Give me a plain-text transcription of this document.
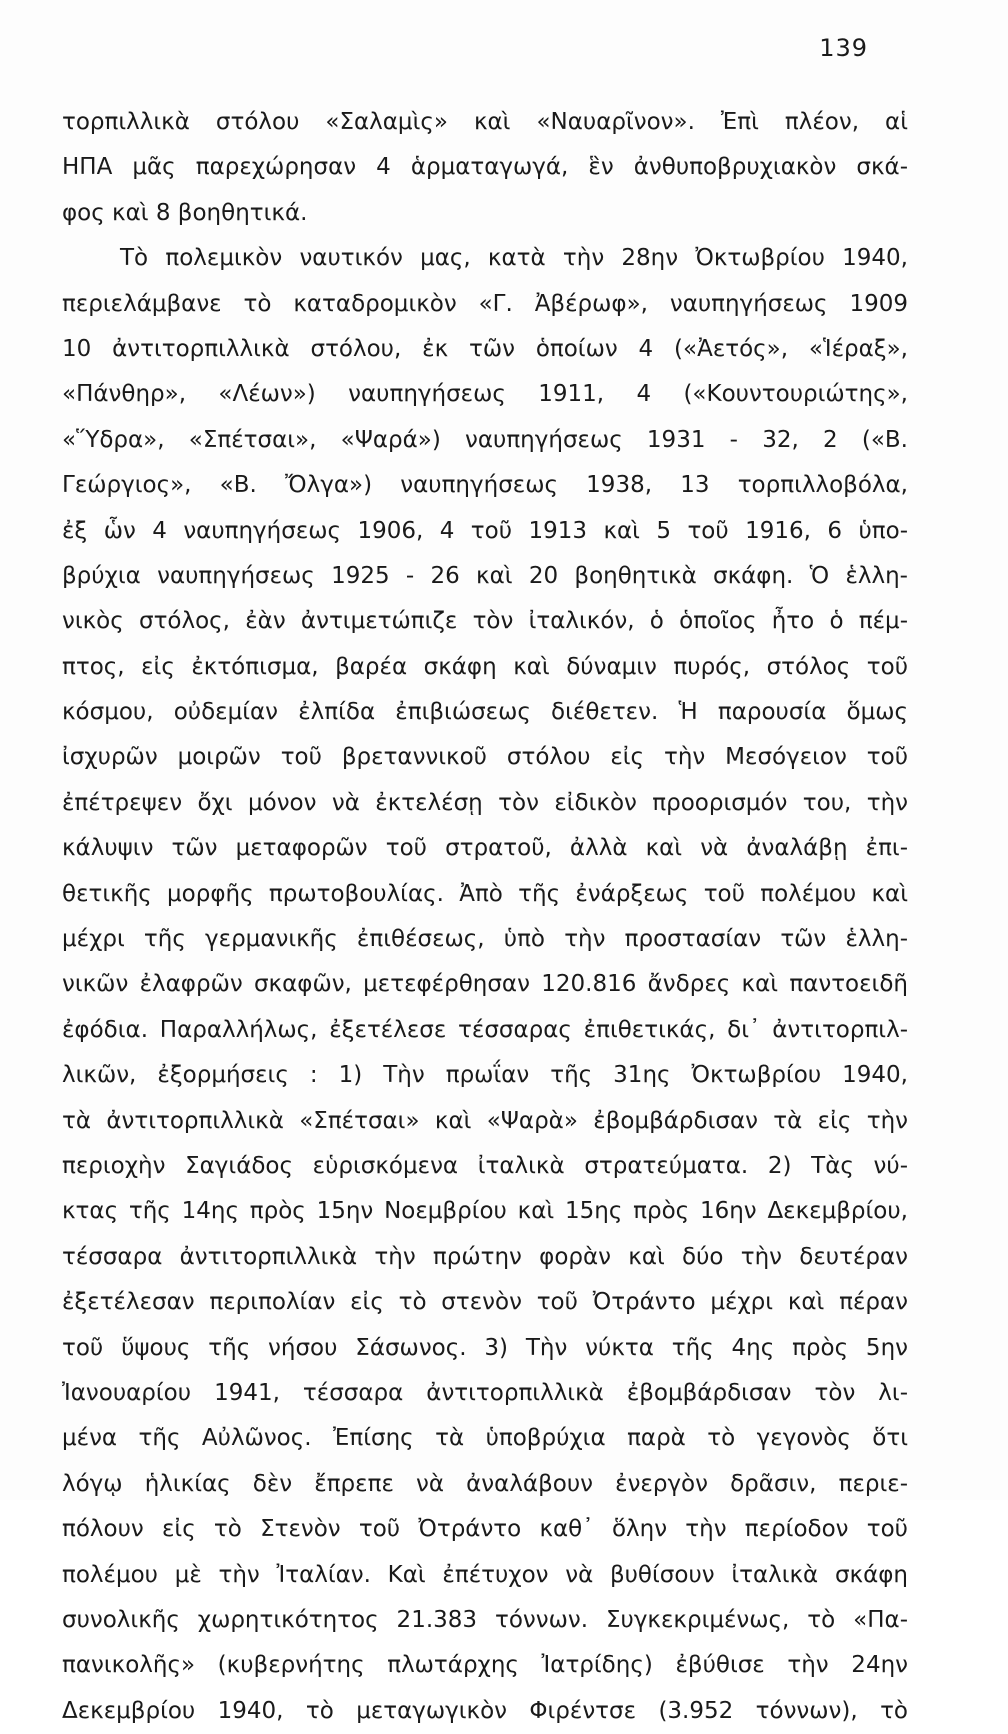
139
τορπιλλικὰ στόλου «Σαλαμὶς» καὶ «Ναυαρῖνον». Ἐπὶ πλέον, αἱ
ΗΠΑ μᾶς παρεχώρησαν 4 ἁρματαγωγά, ἓν ἀνθυποβρυχιακὸν σκά-
φος καὶ 8 βοηθητικά.
Τὸ πολεμικὸν ναυτικόν μας, κατὰ τὴν 28ην Ὀκτωβρίου 1940,
περιελάμβανε τὸ καταδρομικὸν «Γ. Ἀβέρωφ», ναυπηγήσεως 1909
10 ἀντιτορπιλλικὰ στόλου, ἐκ τῶν ὁποίων 4 («Ἀετός», «Ἱέραξ»,
«Πάνθηρ», «Λέων») ναυπηγήσεως 1911, 4 («Κουντουριώτης»,
«Ὕδρα», «Σπέτσαι», «Ψαρά») ναυπηγήσεως 1931 - 32, 2 («Β.
Γεώργιος», «Β. Ὄλγα») ναυπηγήσεως 1938, 13 τορπιλλοβόλα,
ἐξ ὧν 4 ναυπηγήσεως 1906, 4 τοῦ 1913 καὶ 5 τοῦ 1916, 6 ὑπο-
βρύχια ναυπηγήσεως 1925 - 26 καὶ 20 βοηθητικὰ σκάφη. Ὁ ἑλλη-
νικὸς στόλος, ἐὰν ἀντιμετώπιζε τὸν ἰταλικόν, ὁ ὁποῖος ἦτο ὁ πέμ-
πτος, εἰς ἐκτόπισμα, βαρέα σκάφη καὶ δύναμιν πυρός, στόλος τοῦ
κόσμου, οὐδεμίαν ἐλπίδα ἐπιβιώσεως διέθετεν. Ἡ παρουσία ὅμως
ἰσχυρῶν μοιρῶν τοῦ βρεταννικοῦ στόλου εἰς τὴν Μεσόγειον τοῦ
ἐπέτρεψεν ὄχι μόνον νὰ ἐκτελέσῃ τὸν εἰδικὸν προορισμόν του, τὴν
κάλυψιν τῶν μεταφορῶν τοῦ στρατοῦ, ἀλλὰ καὶ νὰ ἀναλάβῃ ἐπι-
θετικῆς μορφῆς πρωτοβουλίας. Ἀπὸ τῆς ἐνάρξεως τοῦ πολέμου καὶ
μέχρι τῆς γερμανικῆς ἐπιθέσεως, ὑπὸ τὴν προστασίαν τῶν ἑλλη-
νικῶν ἐλαφρῶν σκαφῶν, μετεφέρθησαν 120.816 ἄνδρες καὶ παντοειδῆ
ἐφόδια. Παραλλήλως, ἐξετέλεσε τέσσαρας ἐπιθετικάς, δι᾽ ἀντιτορπιλ-
λικῶν, ἐξορμήσεις : 1) Τὴν πρωΐαν τῆς 31ης Ὀκτωβρίου 1940,
τὰ ἀντιτορπιλλικὰ «Σπέτσαι» καὶ «Ψαρὰ» ἐβομβάρδισαν τὰ εἰς τὴν
περιοχὴν Σαγιάδος εὑρισκόμενα ἰταλικὰ στρατεύματα. 2) Τὰς νύ-
κτας τῆς 14ης πρὸς 15ην Νοεμβρίου καὶ 15ης πρὸς 16ην Δεκεμβρίου,
τέσσαρα ἀντιτορπιλλικὰ τὴν πρώτην φορὰν καὶ δύο τὴν δευτέραν
ἐξετέλεσαν περιπολίαν εἰς τὸ στενὸν τοῦ Ὀτράντο μέχρι καὶ πέραν
τοῦ ὕψους τῆς νήσου Σάσωνος. 3) Τὴν νύκτα τῆς 4ης πρὸς 5ην
Ἰανουαρίου 1941, τέσσαρα ἀντιτορπιλλικὰ ἐβομβάρδισαν τὸν λι-
μένα τῆς Αὐλῶνος. Ἐπίσης τὰ ὑποβρύχια παρὰ τὸ γεγονὸς ὅτι
λόγῳ ἡλικίας δὲν ἔπρεπε νὰ ἀναλάβουν ἐνεργὸν δρᾶσιν, περιε-
πόλουν εἰς τὸ Στενὸν τοῦ Ὀτράντο καθ᾽ ὅλην τὴν περίοδον τοῦ
πολέμου μὲ τὴν Ἰταλίαν. Καὶ ἐπέτυχον νὰ βυθίσουν ἰταλικὰ σκάφη
συνολικῆς χωρητικότητος 21.383 τόννων. Συγκεκριμένως, τὸ «Πα-
πανικολῆς» (κυβερνήτης πλωτάρχης Ἰατρίδης) ἐβύθισε τὴν 24ην
Δεκεμβρίου 1940, τὸ μεταγωγικὸν Φιρέντσε (3.952 τόννων), τὸ
